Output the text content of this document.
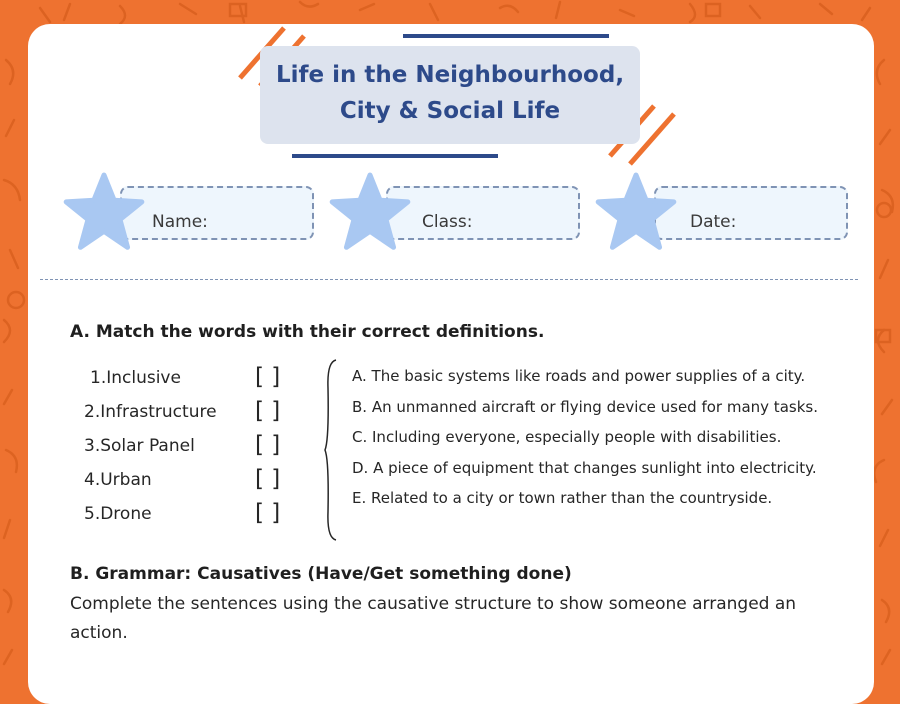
Life in the Neighbourhood,
City & Social Life
Name:	Class:	Date:
A. Match the words with their correct definitions.
1.Inclusive
2.Infrastructure
3.Solar Panel
4.Urban
5.Drone
[ ]
[ ]
[ ]
[ ]
[ ]
A. The basic systems like roads and power supplies of a city.
B. An unmanned aircraft or flying device used for many tasks.
C. Including everyone, especially people with disabilities.
D. A piece of equipment that changes sunlight into electricity.
E. Related to a city or town rather than the countryside.
B. Grammar: Causatives (Have/Get something done)
Complete the sentences using the causative structure to show someone arranged an action.
